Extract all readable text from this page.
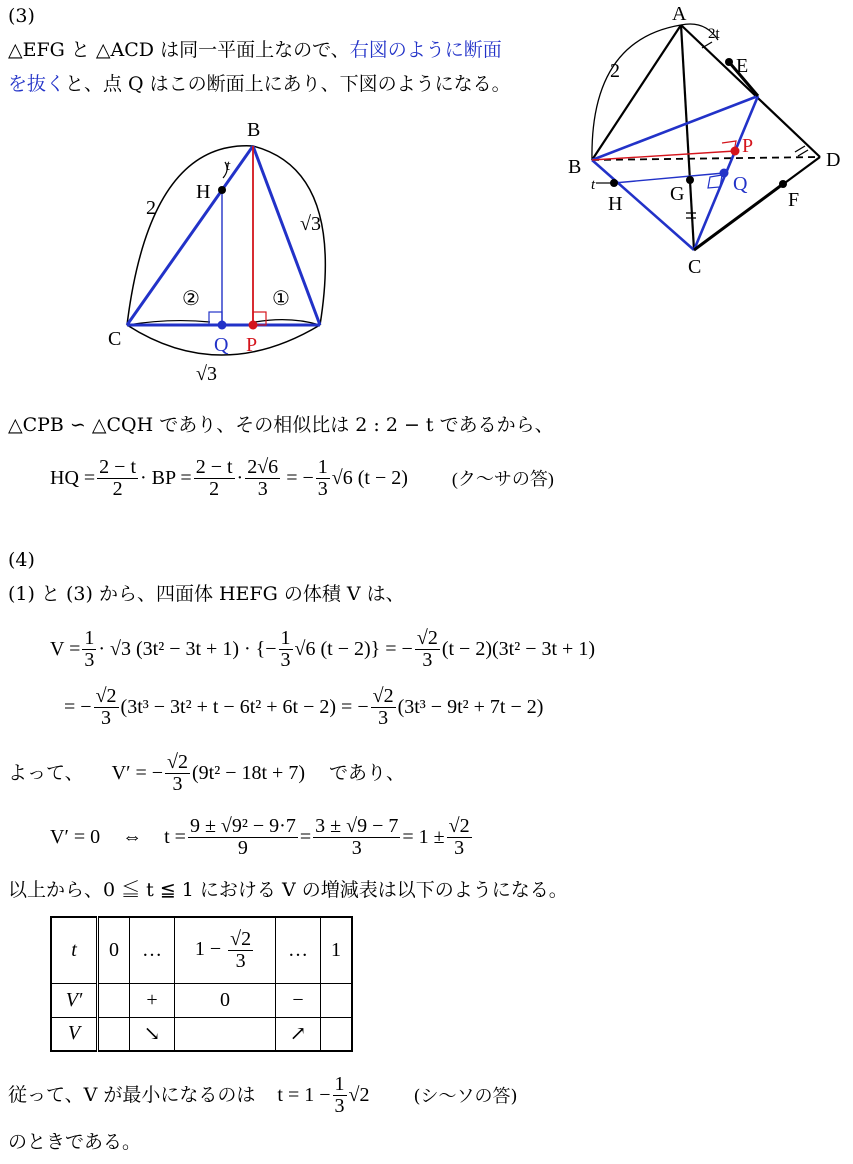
(3)
△EFG と △ACD は同一平面上なので、右図のように断面
を抜くと、点 Q はこの断面上にあり、下図のようになる。
B
C
H
t
2
√3
②	①
Q P
√3
A
2t
E
2
B
P
D
t
H G Q
F
C
△CPB ∽ △CQH であり、その相似比は 2 : 2 − t であるから、
HQ = $\frac{2 - t}{2}$ · BP = $\frac{2 - t}{2} \cdot \frac{2√6}{3}$ = − $\frac{1}{3} √6$ (t − 2) (ク〜サの答)
(4)
(1) と (3) から、四面体 HEFG の体積 V は、
$V = \frac{1}{3} \cdot √3$ (3t² − 3t + 1) · {− $\frac{1}{3} √6$ (t − 2)} = − $\frac{√2}{3} (t - 2)(3t^2 - 3t + 1)$
= − $\frac{√2}{3} (3t^3 - 3t^2 + t - 6t^2 + 6t - 2)$ = − $\frac{√2}{3} (3t^3 - 9t^2 + 7t - 2)$
よって、 V′ = − $\frac{√2}{3} (9t^2 - 18t + 7)$ であり、
V′ = 0 ⇔ $t = \frac{\text{9 ± √9² − 9·7}}{9} = \frac{3 \pm √9 - 7}{3} = 1 \pm \frac{√2}{3}$
以上から、0 ≦ t ≦ 1 における V の増減表は以下のようになる。
t	0	…	$1 - \frac{√2}{3}$	…	1
V′		+	0	−	
V		↘		↗	
従って、V が最小になるのは $t = 1 - \frac{1}{3} √2$ (シ〜ソの答)
のときである。
